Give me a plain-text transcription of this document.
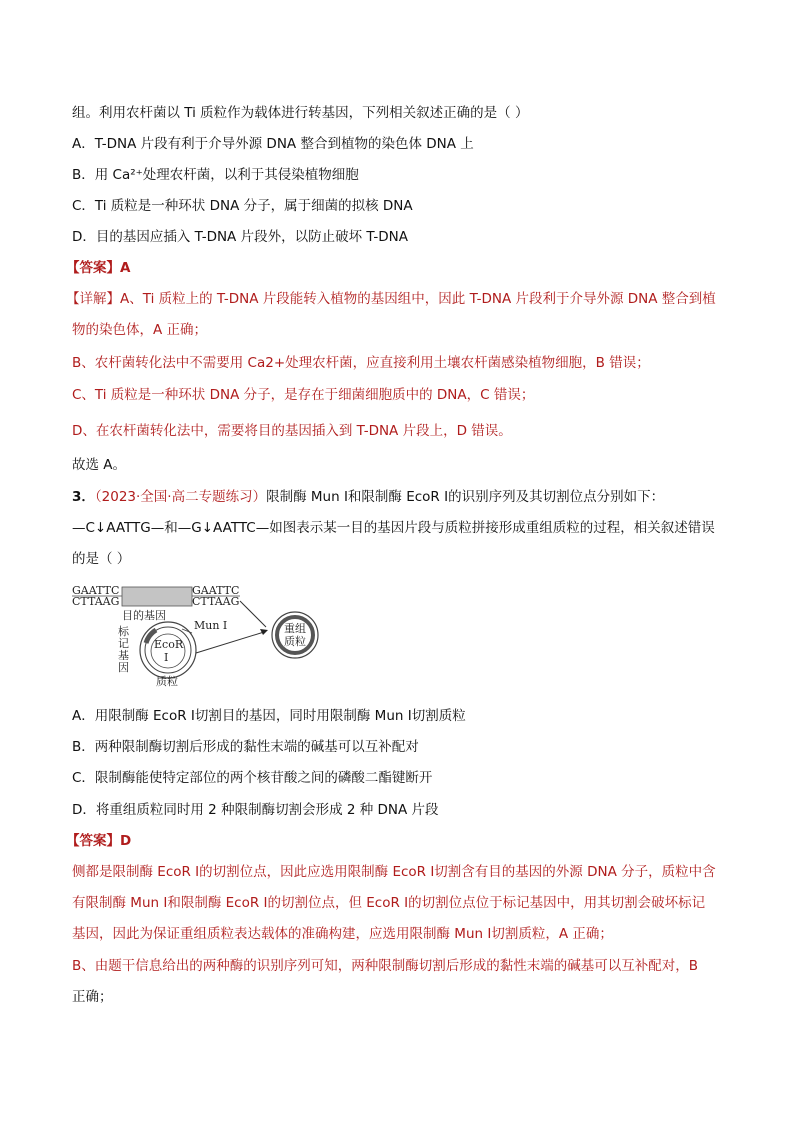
组。利用农杆菌以 Ti 质粒作为载体进行转基因，下列相关叙述正确的是（ ）
A．T-DNA 片段有利于介导外源 DNA 整合到植物的染色体 DNA 上
B．用 Ca²⁺处理农杆菌，以利于其侵染植物细胞
C．Ti 质粒是一种环状 DNA 分子，属于细菌的拟核 DNA
D．目的基因应插入 T-DNA 片段外，以防止破坏 T-DNA
【答案】A
【详解】A、Ti 质粒上的 T-DNA 片段能转入植物的基因组中，因此 T-DNA 片段利于介导外源 DNA 整合到植
物的染色体，A 正确；
B、农杆菌转化法中不需要用 Ca2+处理农杆菌，应直接利用土壤农杆菌感染植物细胞，B 错误；
C、Ti 质粒是一种环状 DNA 分子，是存在于细菌细胞质中的 DNA，C 错误；
D、在农杆菌转化法中，需要将目的基因插入到 T-DNA 片段上，D 错误。
故选 A。
3．（2023·全国·高二专题练习）限制酶 Mun Ⅰ和限制酶 EcoR Ⅰ的识别序列及其切割位点分别如下：
—C↓AATTG—和—G↓AATTC—如图表示某一目的基因片段与质粒拼接形成重组质粒的过程，相关叙述错误
的是（ ）
GAATTC
CTTAAG
GAATTC
CTTAAG
目的基因
EcoR
Ⅰ
标
记
基
因
质粒
Mun Ⅰ	重组
质粒
A．用限制酶 EcoR Ⅰ切割目的基因，同时用限制酶 Mun Ⅰ切割质粒
B．两种限制酶切割后形成的黏性末端的碱基可以互补配对
C．限制酶能使特定部位的两个核苷酸之间的磷酸二酯键断开
D．将重组质粒同时用 2 种限制酶切割会形成 2 种 DNA 片段
【答案】D
侧都是限制酶 EcoR Ⅰ的切割位点，因此应选用限制酶 EcoR Ⅰ切割含有目的基因的外源 DNA 分子，质粒中含
有限制酶 Mun Ⅰ和限制酶 EcoR Ⅰ的切割位点，但 EcoR Ⅰ的切割位点位于标记基因中，用其切割会破坏标记
基因，因此为保证重组质粒表达载体的准确构建，应选用限制酶 Mun Ⅰ切割质粒，A 正确；
B、由题干信息给出的两种酶的识别序列可知，两种限制酶切割后形成的黏性末端的碱基可以互补配对，B
正确；
